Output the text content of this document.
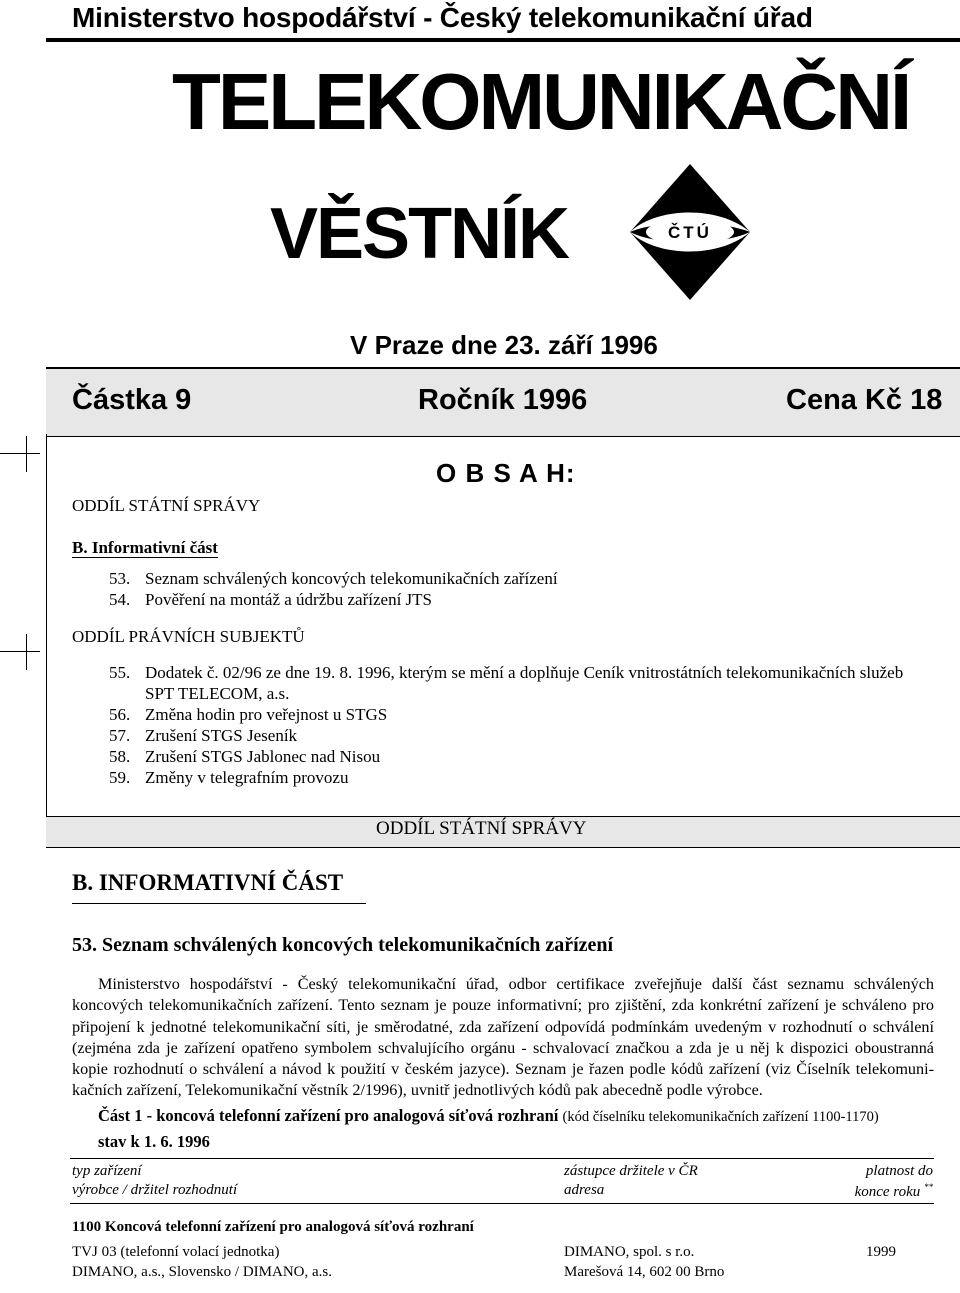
Ministerstvo hospodářství - Český telekomunikační úřad
TELEKOMUNIKAČNÍ
VĚSTNÍK	ČTÚ
V Praze dne 23. září 1996
Částka 9	Ročník 1996	Cena Kč 18
O B S A H:
ODDÍL STÁTNÍ SPRÁVY
B. Informativní část
53. Seznam schválených koncových telekomunikačních zařízení
54. Pověření na montáž a údržbu zařízení JTS
ODDÍL PRÁVNÍCH SUBJEKTŮ
55. Dodatek č. 02/96 ze dne 19. 8. 1996, kterým se mění a doplňuje Ceník vnitrostátních telekomunikačních služeb
SPT TELECOM, a.s.
56. Změna hodin pro veřejnost u STGS
57. Zrušení STGS Jeseník
58. Zrušení STGS Jablonec nad Nisou
59. Změny v telegrafním provozu
ODDÍL STÁTNÍ SPRÁVY
B. INFORMATIVNÍ ČÁST
53. Seznam schválených koncových telekomunikačních zařízení
Ministerstvo hospodářství - Český telekomunikační úřad, odbor certifikace zveřejňuje další část seznamu schválených
koncových telekomunikačních zařízení. Tento seznam je pouze informativní; pro zjištění, zda konkrétní zařízení je schváleno pro
připojení k jednotné telekomunikační síti, je směrodatné, zda zařízení odpovídá podmínkám uvedeným v rozhodnutí o schválení
(zejména zda je zařízení opatřeno symbolem schvalujícího orgánu - schvalovací značkou a zda je u něj k dispozici oboustranná
kopie rozhodnutí o schválení a návod k použití v českém jazyce). Seznam je řazen podle kódů zařízení (viz Číselník telekomuni-
kačních zařízení, Telekomunikační věstník 2/1996), uvnitř jednotlivých kódů pak abecedně podle výrobce.
Část 1 - koncová telefonní zařízení pro analogová síťová rozhraní (kód číselníku telekomunikačních zařízení 1100-1170)
stav k 1. 6. 1996
typ zařízení	zástupce držitele v ČR	platnost do
výrobce / držitel rozhodnutí	adresa	konce roku **
1100 Koncová telefonní zařízení pro analogová síťová rozhraní
TVJ 03 (telefonní volací jednotka)	DIMANO, spol. s r.o.	1999
DIMANO, a.s., Slovensko / DIMANO, a.s.	Marešová 14, 602 00 Brno
